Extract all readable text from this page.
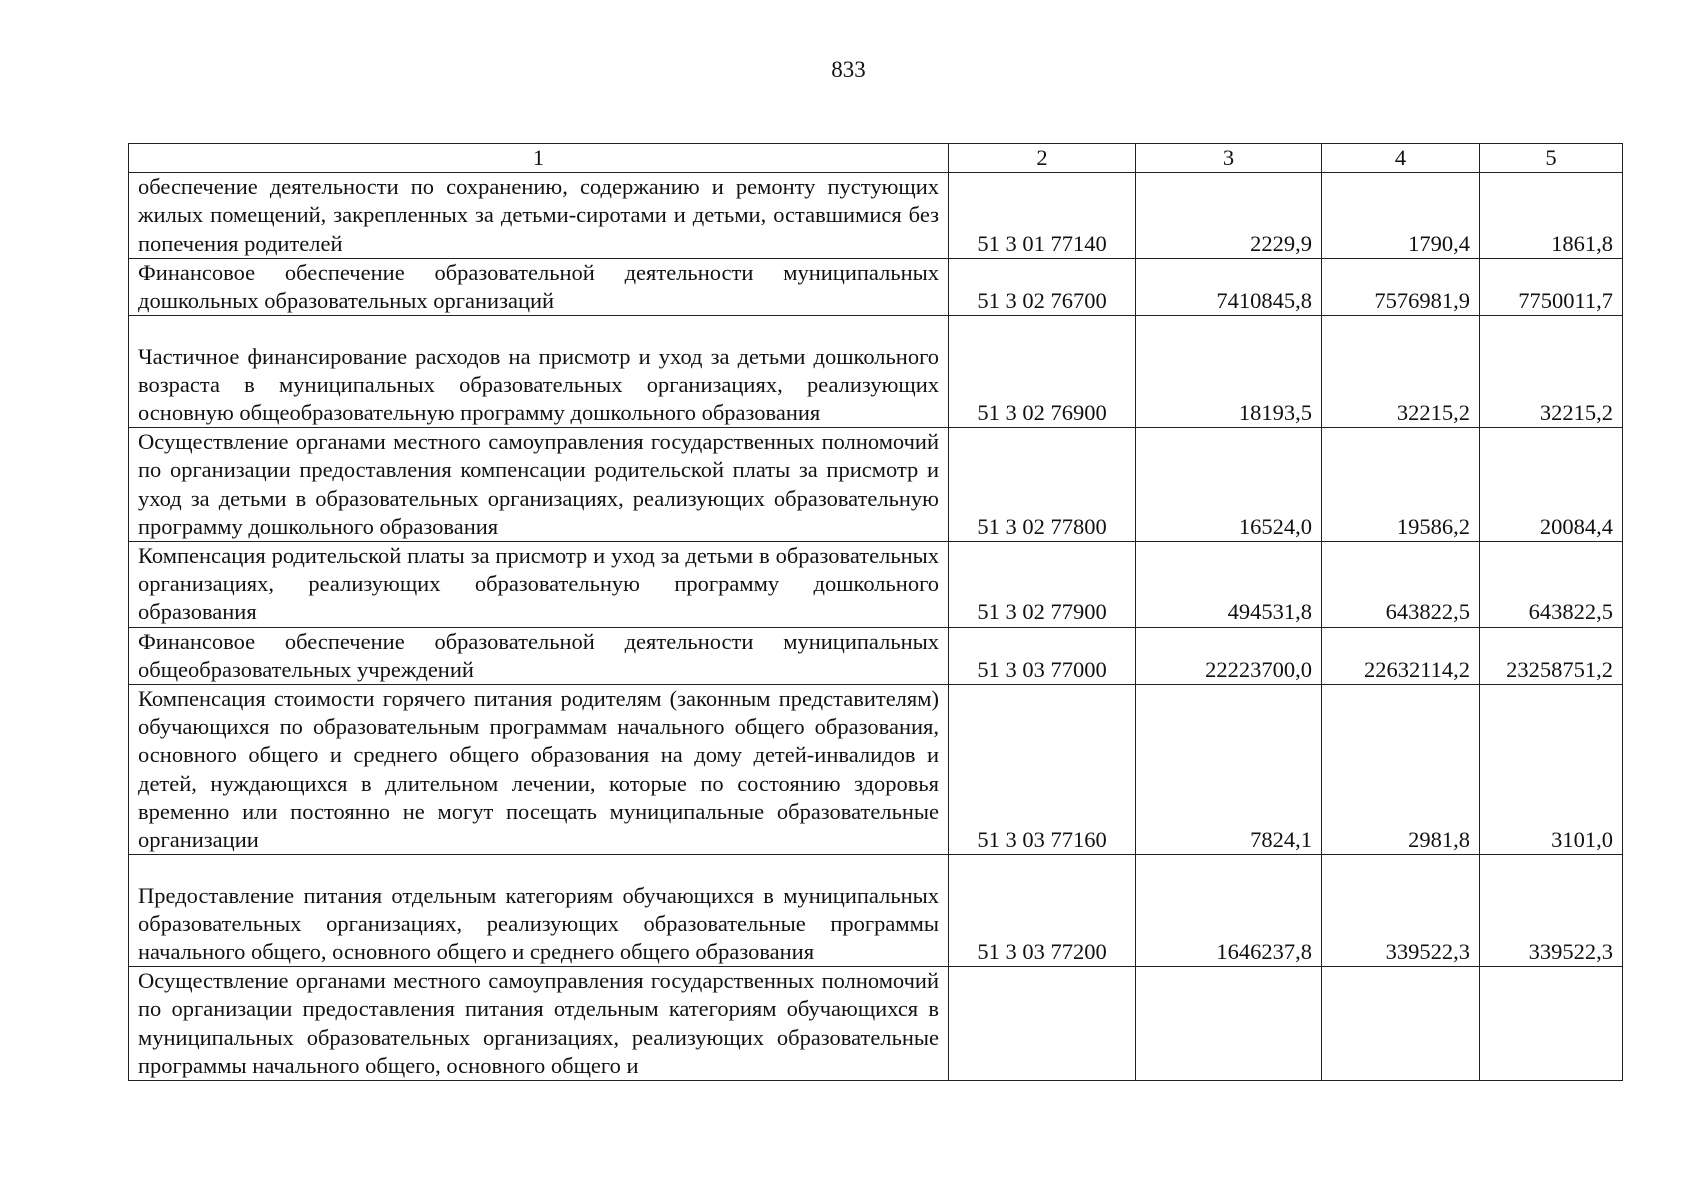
833
1	2	3	4	5
обеспечение деятельности по сохранению, содержанию и ремонту пустующих жилых помещений, закрепленных за детьми-сиротами и детьми, оставшимися без попечения родителей	51 3 01 77140	2229,9	1790,4	1861,8
Финансовое обеспечение образовательной деятельности муниципальных дошкольных образовательных организаций	51 3 02 76700	7410845,8	7576981,9	7750011,7
Частичное финансирование расходов на присмотр и уход за детьми дошкольного возраста в муниципальных образовательных организациях, реализующих основную общеобразовательную программу дошкольного образования	51 3 02 76900	18193,5	32215,2	32215,2
Осуществление органами местного самоуправления государственных полномочий по организации предоставления компенсации родительской платы за присмотр и уход за детьми в образовательных организациях, реализующих образовательную программу дошкольного образования	51 3 02 77800	16524,0	19586,2	20084,4
Компенсация родительской платы за присмотр и уход за детьми в образовательных организациях, реализующих образовательную программу дошкольного образования	51 3 02 77900	494531,8	643822,5	643822,5
Финансовое обеспечение образовательной деятельности муниципальных общеобразовательных учреждений	51 3 03 77000	22223700,0	22632114,2	23258751,2
Компенсация стоимости горячего питания родителям (законным представителям) обучающихся по образовательным программам начального общего образования, основного общего и среднего общего образования на дому детей-инвалидов и детей, нуждающихся в длительном лечении, которые по состоянию здоровья временно или постоянно не могут посещать муниципальные образовательные организации	51 3 03 77160	7824,1	2981,8	3101,0
Предоставление питания отдельным категориям обучающихся в муниципальных образовательных организациях, реализующих образовательные программы начального общего, основного общего и среднего общего образования	51 3 03 77200	1646237,8	339522,3	339522,3
Осуществление органами местного самоуправления государственных полномочий по организации предоставления питания отдельным категориям обучающихся в муниципальных образовательных организациях, реализующих образовательные программы начального общего, основного общего и				
